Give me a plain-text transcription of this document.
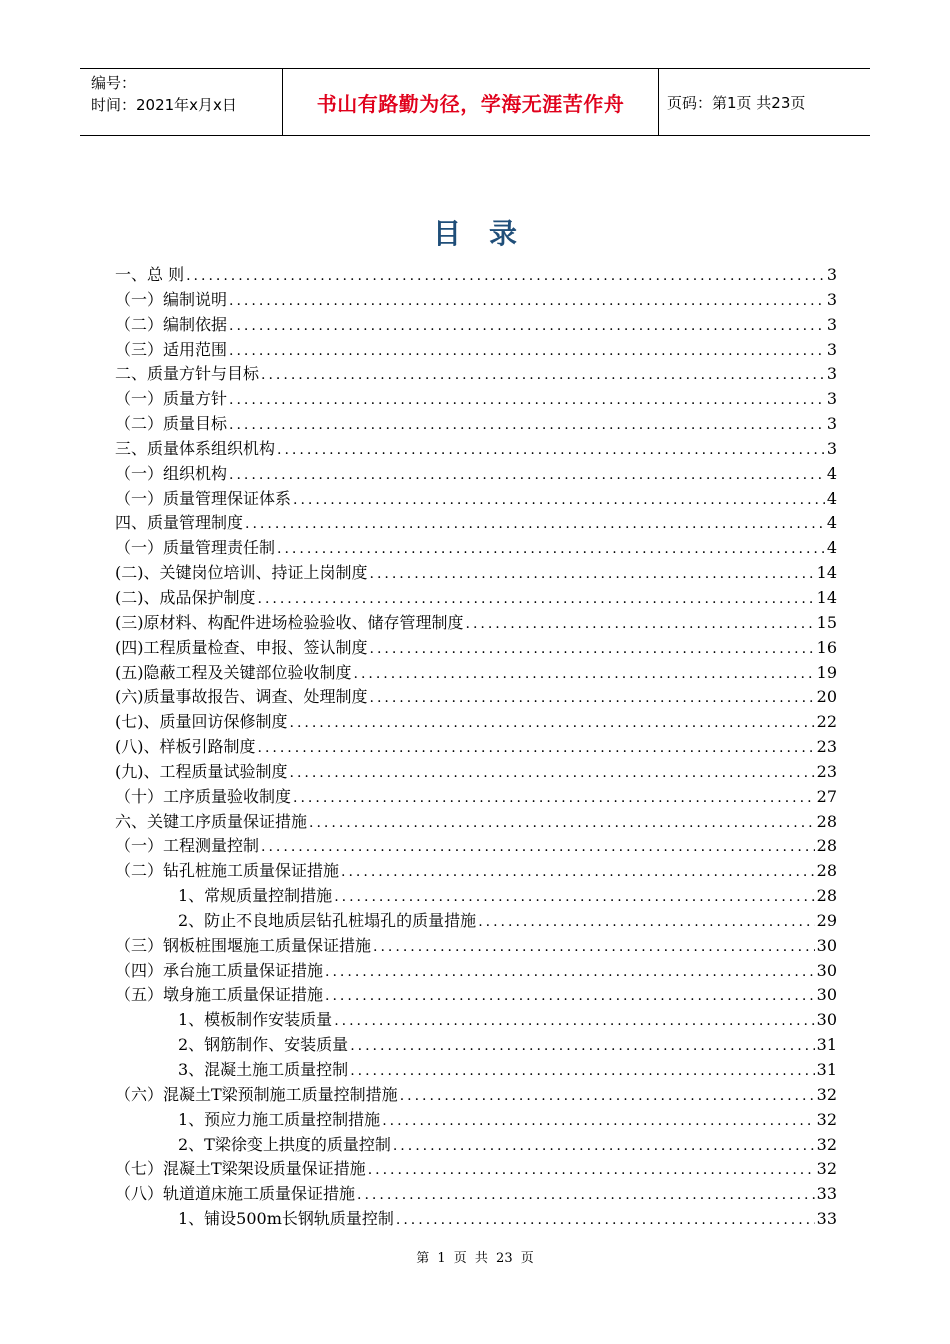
编号：
时间：2021年x月x日	书山有路勤为径，学海无涯苦作舟	页码：第1页 共23页
目录
一、总 则 .....	3
（一）编制说明 .....	3
（二）编制依据 .....	3
（三）适用范围 .....	3
二、质量方针与目标 .....	3
（一）质量方针 .....	3
（二）质量目标 .....	3
三、质量体系组织机构 .....	3
（一）组织机构 .....	4
（一）质量管理保证体系 .....	4
四、质量管理制度 .....	4
（一）质量管理责任制 .....	4
(二)、关键岗位培训、持证上岗制度 .....	14
(二)、成品保护制度 .....	14
(三)原材料、构配件进场检验验收、储存管理制度 .....	15
(四)工程质量检查、申报、签认制度 .....	16
(五)隐蔽工程及关键部位验收制度 .....	19
(六)质量事故报告、调查、处理制度 .....	20
(七)、质量回访保修制度 .....	22
(八)、样板引路制度 .....	23
(九)、工程质量试验制度 .....	23
（十）工序质量验收制度 .....	27
六、关键工序质量保证措施 .....	28
（一）工程测量控制 .....	28
（二）钻孔桩施工质量保证措施 .....	28
1、常规质量控制措施 .....	28
2、防止不良地质层钻孔桩塌孔的质量措施 .....	29
（三）钢板桩围堰施工质量保证措施 .....	30
（四）承台施工质量保证措施 .....	30
（五）墩身施工质量保证措施 .....	30
1、模板制作安装质量 .....	30
2、钢筋制作、安装质量 .....	31
3、混凝土施工质量控制 .....	31
（六）混凝土T梁预制施工质量控制措施 .....	32
1、预应力施工质量控制措施 .....	32
2、T梁徐变上拱度的质量控制 .....	32
（七）混凝土T梁架设质量保证措施 .....	32
（八）轨道道床施工质量保证措施 .....	33
1、铺设500m长钢轨质量控制 .....	33
第 1 页 共 23 页
